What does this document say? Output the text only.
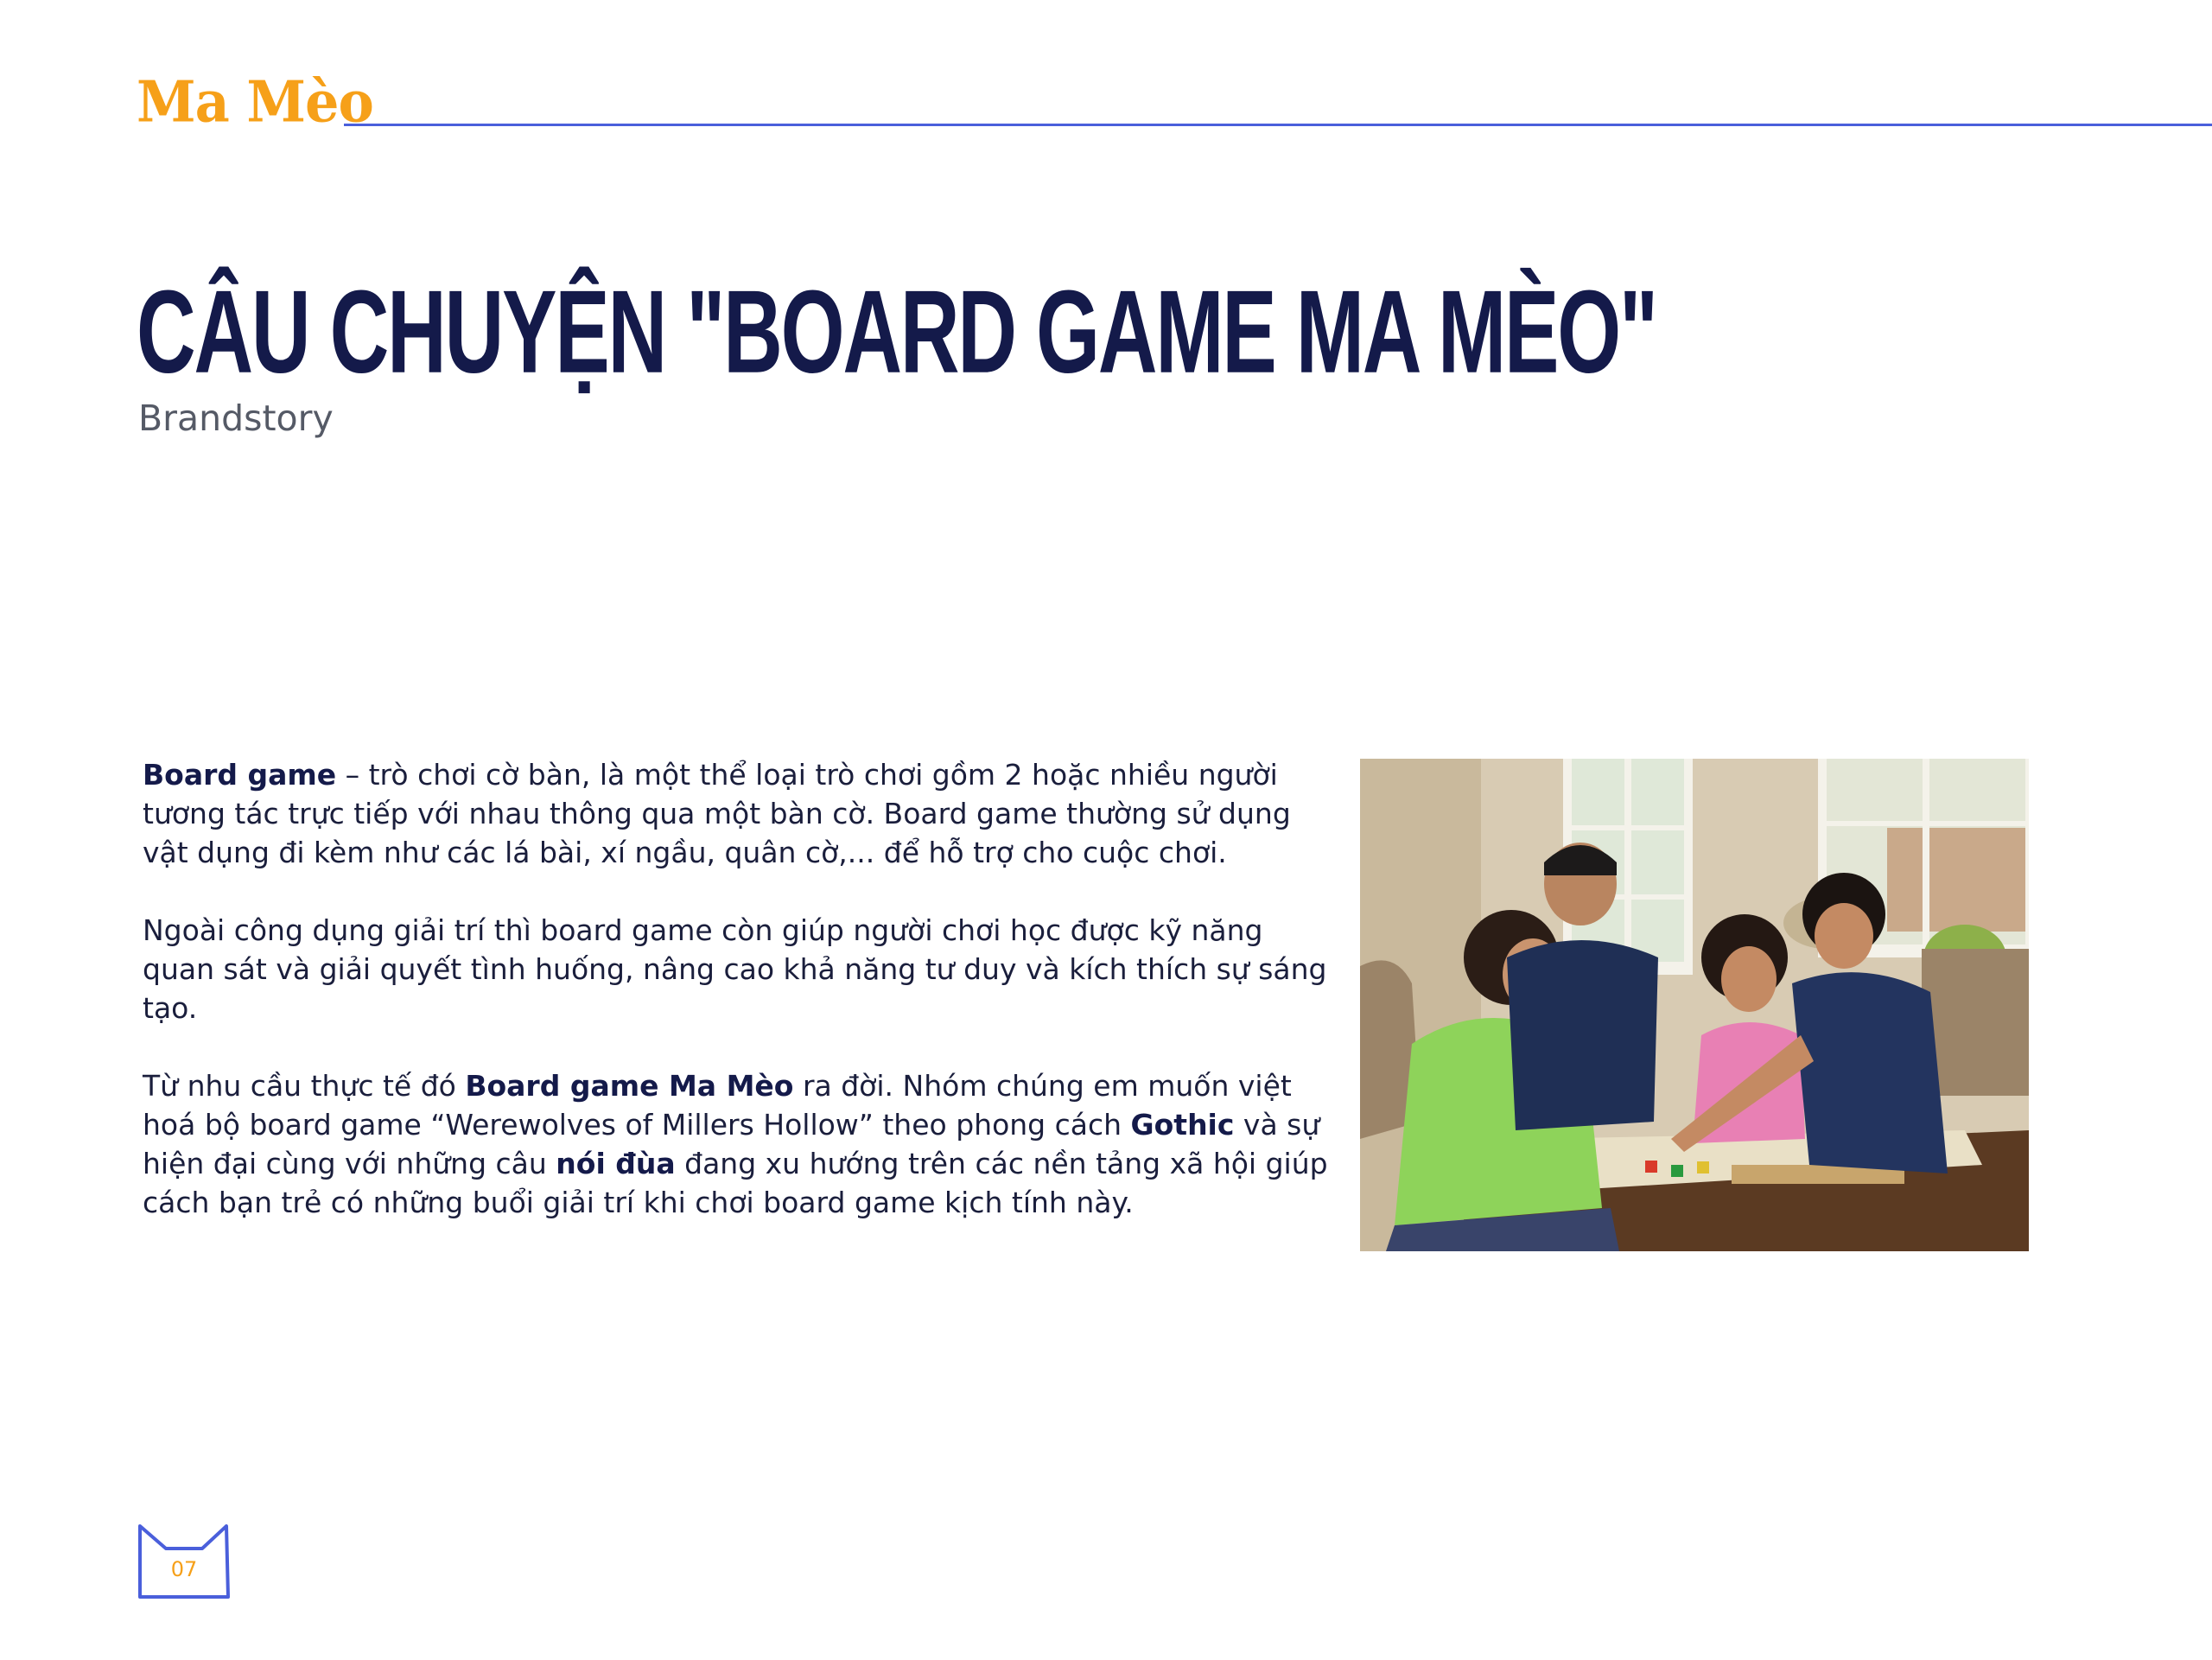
Ma Mèo
CÂU CHUYỆN "BOARD GAME MA MÈO"
Brandstory

Board game – trò chơi cờ bàn, là một thể loại trò chơi gồm 2 hoặc nhiều người tương tác trực tiếp với nhau thông qua một bàn cờ. Board game thường sử dụng vật dụng đi kèm như các lá bài, xí ngầu, quân cờ,... để hỗ trợ cho cuộc chơi.

Ngoài công dụng giải trí thì board game còn giúp người chơi học được kỹ năng quan sát và giải quyết tình huống, nâng cao khả năng tư duy và kích thích sự sáng tạo.

Từ nhu cầu thực tế đó Board game Ma Mèo ra đời. Nhóm chúng em muốn việt hoá bộ board game “Werewolves of Millers Hollow” theo phong cách Gothic và sự hiện đại cùng với những câu nói đùa đang xu hướng trên các nền tảng xã hội giúp cách bạn trẻ có những buổi giải trí khi chơi board game kịch tính này.

07
